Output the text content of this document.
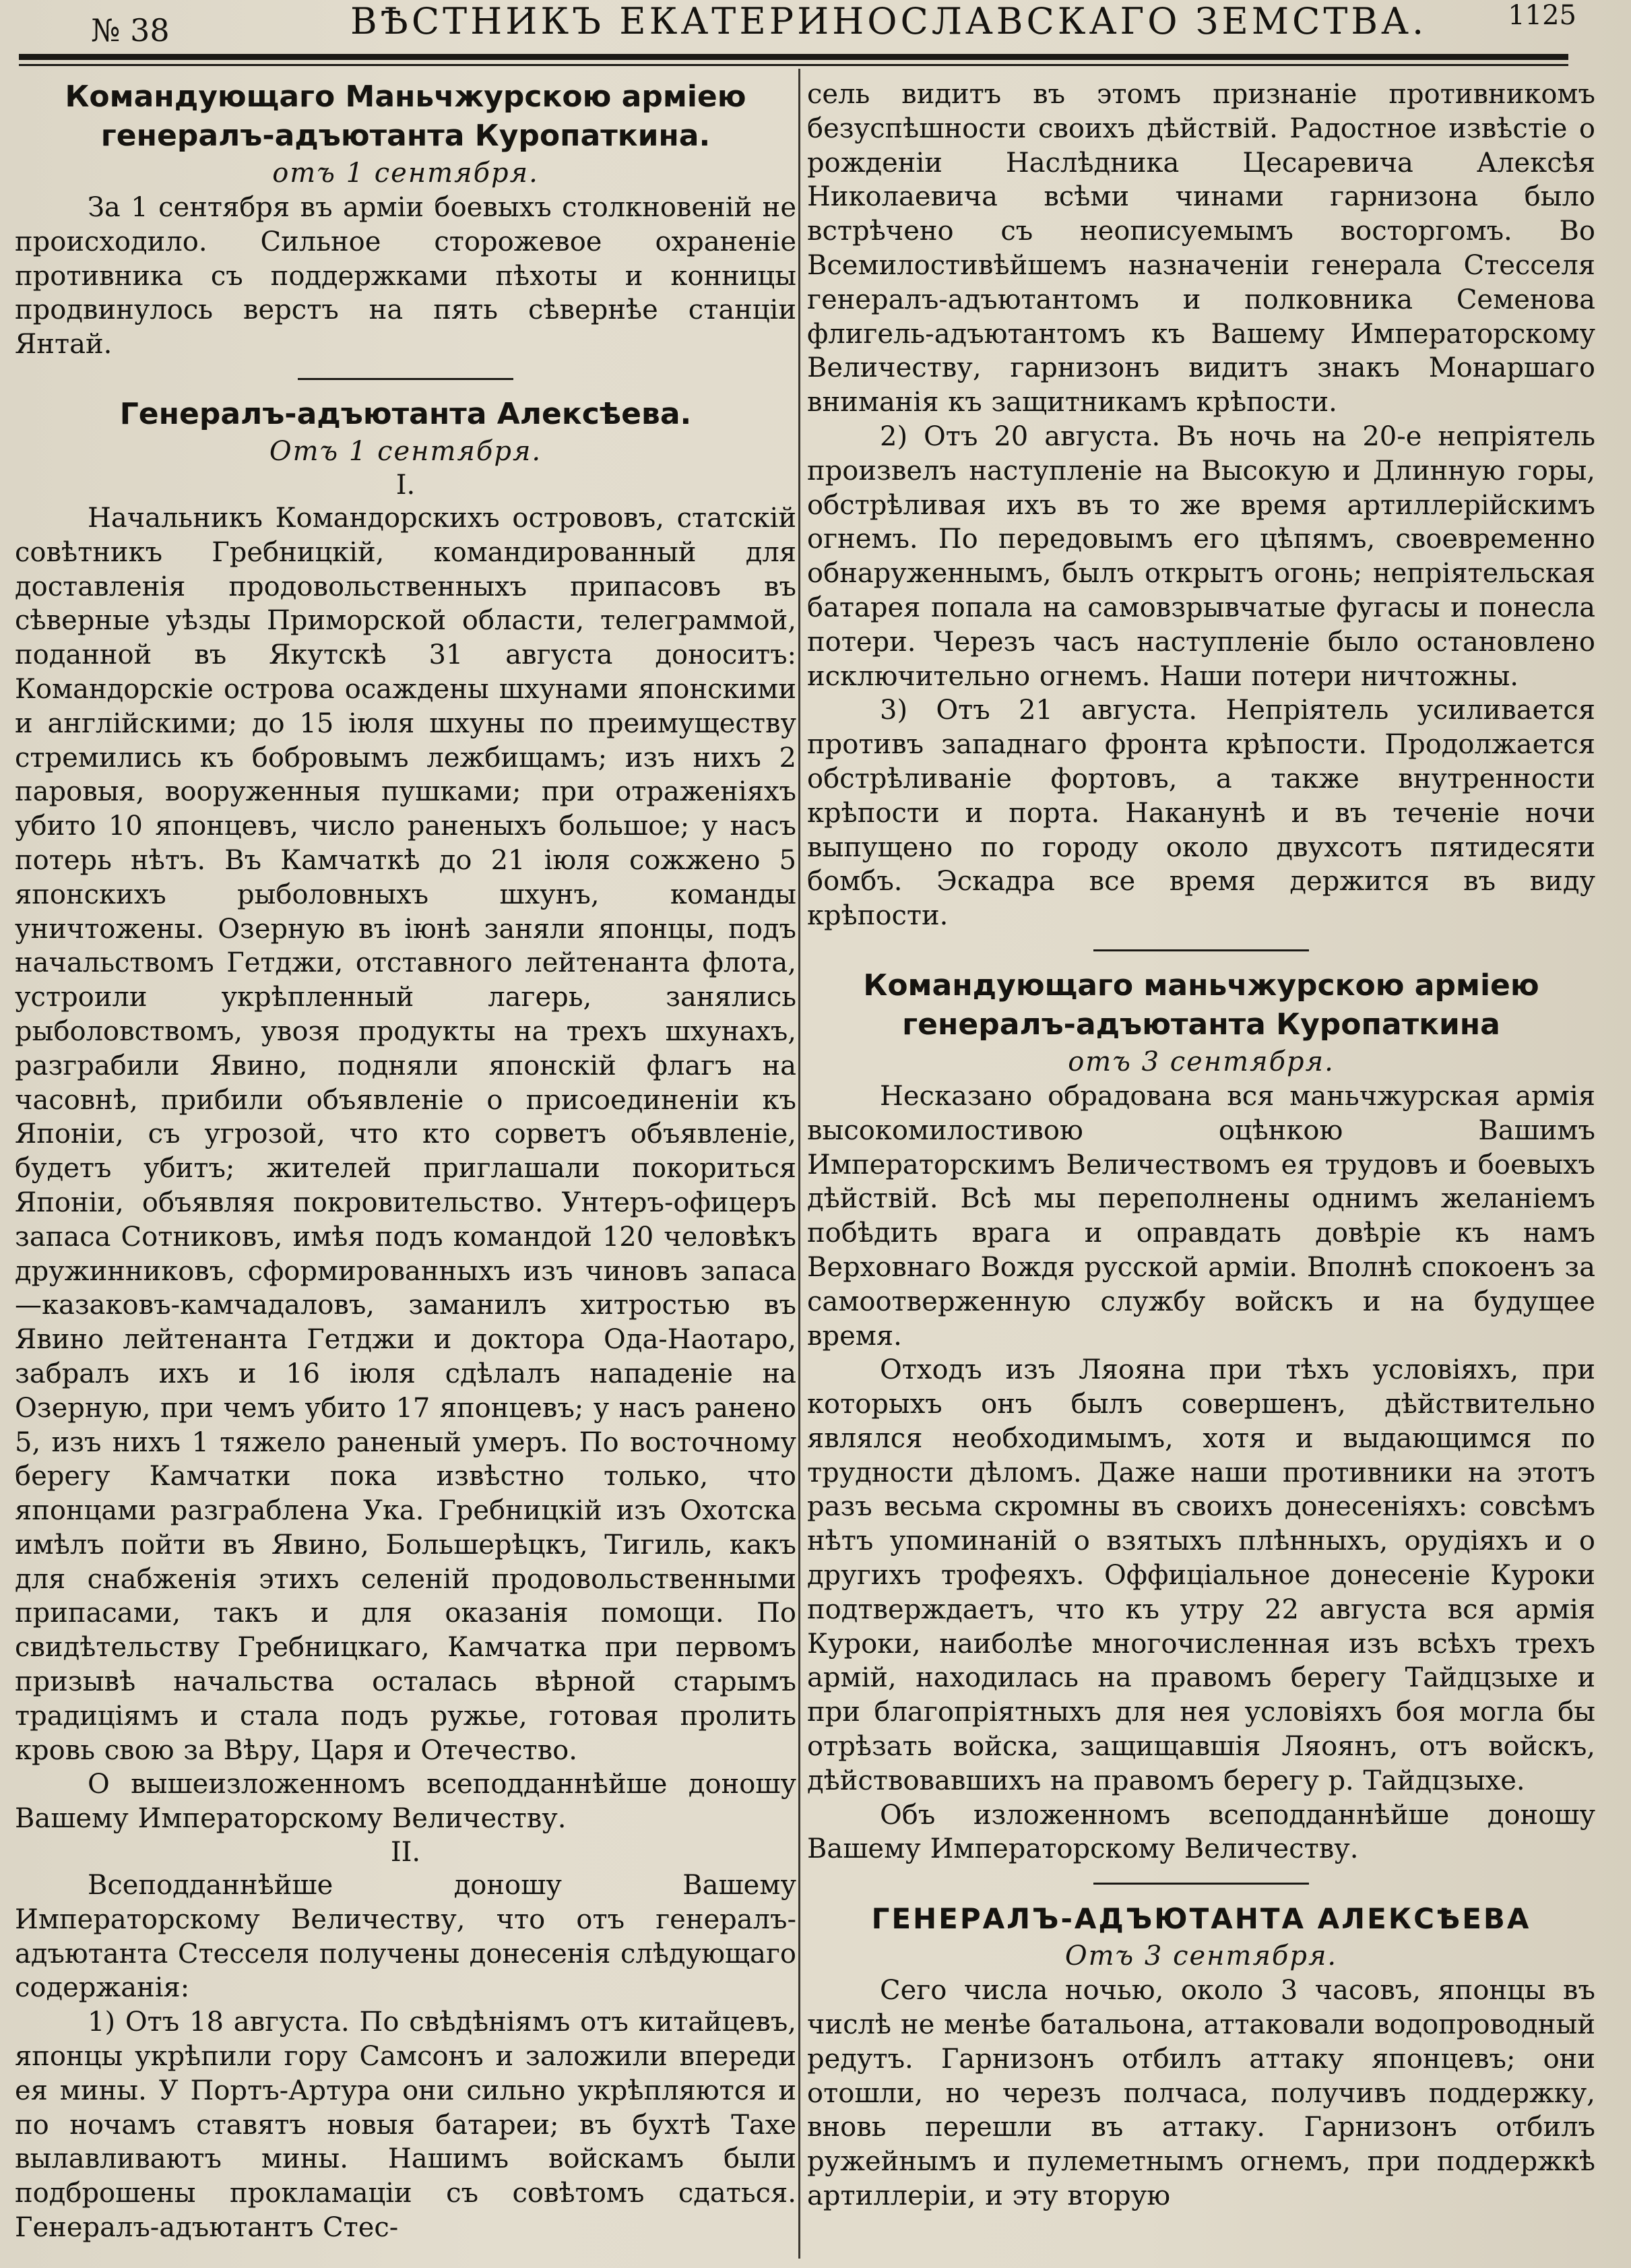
№ 38	ВѢСТНИКЪ ЕКАТЕРИНОСЛАВСКАГО ЗЕМСТВА.	1125

Командующаго Маньчжурскою арміею генералъ-адъютанта Куропаткина.

отъ 1 сентября.

За 1 сентября въ арміи боевыхъ столкновеній не происходило. Сильное сторожевое охраненіе противника съ поддержками пѣхоты и конницы продвинулось верстъ на пять сѣвернѣе станціи Янтай.

Генералъ-адъютанта Алексѣева.

Отъ 1 сентября.
I.

Начальникъ Командорскихъ острововъ, статскій совѣтникъ Гребницкій, командированный для доставленія продовольственныхъ припасовъ въ сѣверные уѣзды Приморской области, телеграммой, поданной въ Якутскѣ 31 августа доноситъ: Командорскіе острова осаждены шхунами японскими и англійскими; до 15 іюля шхуны по преимуществу стремились къ бобровымъ лежбищамъ; изъ нихъ 2 паровыя, вооруженныя пушками; при отраженіяхъ убито 10 японцевъ, число раненыхъ большое; у насъ потерь нѣтъ. Въ Камчаткѣ до 21 іюля сожжено 5 японскихъ рыболовныхъ шхунъ, команды уничтожены. Озерную въ іюнѣ заняли японцы, подъ начальствомъ Гетджи, отставного лейтенанта флота, устроили укрѣпленный лагерь, занялись рыболовствомъ, увозя продукты на трехъ шхунахъ, разграбили Явино, подняли японскій флагъ на часовнѣ, прибили объявленіе о присоединеніи къ Японіи, съ угрозой, что кто сорветъ объявленіе, будетъ убитъ; жителей приглашали покориться Японіи, объявляя покровительство. Унтеръ-офицеръ запаса Сотниковъ, имѣя подъ командой 120 человѣкъ дружинниковъ, сформированныхъ изъ чиновъ запаса—казаковъ-камчадаловъ, заманилъ хитростью въ Явино лейтенанта Гетджи и доктора Ода-Наотаро, забралъ ихъ и 16 іюля сдѣлалъ нападеніе на Озерную, при чемъ убито 17 японцевъ; у насъ ранено 5, изъ нихъ 1 тяжело раненый умеръ. По восточному берегу Камчатки пока извѣстно только, что японцами разграблена Ука. Гребницкій изъ Охотска имѣлъ пойти въ Явино, Большерѣцкъ, Тигиль, какъ для снабженія этихъ селеній продовольственными припасами, такъ и для оказанія помощи. По свидѣтельству Гребницкаго, Камчатка при первомъ призывѣ начальства осталась вѣрной старымъ традиціямъ и стала подъ ружье, готовая пролить кровь свою за Вѣру, Царя и Отечество.

О вышеизложенномъ всеподданнѣйше доношу Вашему Императорскому Величеству.

II.

Всеподданнѣйше доношу Вашему Императорскому Величеству, что отъ генералъ-адъютанта Стесселя получены донесенія слѣдующаго содержанія:

1) Отъ 18 августа. По свѣдѣніямъ отъ китайцевъ, японцы укрѣпили гору Самсонъ и заложили впереди ея мины. У Портъ-Артура они сильно укрѣпляются и по ночамъ ставятъ новыя батареи; въ бухтѣ Тахе вылавливаютъ мины. Нашимъ войскамъ были подброшены прокламаціи съ совѣтомъ сдаться. Генералъ-адъютантъ Стес-

сель видитъ въ этомъ признаніе противникомъ безуспѣшности своихъ дѣйствій. Радостное извѣстіе о рожденіи Наслѣдника Цесаревича Алексѣя Николаевича всѣми чинами гарнизона было встрѣчено съ неописуемымъ восторгомъ. Во Всемилостивѣйшемъ назначеніи генерала Стесселя генералъ-адъютантомъ и полковника Семенова флигель-адъютантомъ къ Вашему Императорскому Величеству, гарнизонъ видитъ знакъ Монаршаго вниманія къ защитникамъ крѣпости.

2) Отъ 20 августа. Въ ночь на 20-е непріятель произвелъ наступленіе на Высокую и Длинную горы, обстрѣливая ихъ въ то же время артиллерійскимъ огнемъ. По передовымъ его цѣпямъ, своевременно обнаруженнымъ, былъ открытъ огонь; непріятельская батарея попала на самовзрывчатые фугасы и понесла потери. Черезъ часъ наступленіе было остановлено исключительно огнемъ. Наши потери ничтожны.

3) Отъ 21 августа. Непріятель усиливается противъ западнаго фронта крѣпости. Продолжается обстрѣливаніе фортовъ, а также внутренности крѣпости и порта. Наканунѣ и въ теченіе ночи выпущено по городу около двухсотъ пятидесяти бомбъ. Эскадра все время держится въ виду крѣпости.

Командующаго маньчжурскою арміею генералъ-адъютанта Куропаткина

отъ 3 сентября.

Несказано обрадована вся маньчжурская армія высокомилостивою оцѣнкою Вашимъ Императорскимъ Величествомъ ея трудовъ и боевыхъ дѣйствій. Всѣ мы переполнены однимъ желаніемъ побѣдить врага и оправдать довѣріе къ намъ Верховнаго Вождя русской арміи. Вполнѣ спокоенъ за самоотверженную службу войскъ и на будущее время.

Отходъ изъ Ляояна при тѣхъ условіяхъ, при которыхъ онъ былъ совершенъ, дѣйствительно являлся необходимымъ, хотя и выдающимся по трудности дѣломъ. Даже наши противники на этотъ разъ весьма скромны въ своихъ донесеніяхъ: совсѣмъ нѣтъ упоминаній о взятыхъ плѣнныхъ, орудіяхъ и о другихъ трофеяхъ. Оффиціальное донесеніе Куроки подтверждаетъ, что къ утру 22 августа вся армія Куроки, наиболѣе многочисленная изъ всѣхъ трехъ армій, находилась на правомъ берегу Тайдцзыхе и при благопріятныхъ для нея условіяхъ боя могла бы отрѣзать войска, защищавшія Ляоянъ, отъ войскъ, дѣйствовавшихъ на правомъ берегу р. Тайдцзыхе.

Объ изложенномъ всеподданнѣйше доношу Вашему Императорскому Величеству.

ГЕНЕРАЛЪ-АДЪЮТАНТА АЛЕКСѢЕВА

Отъ 3 сентября.

Сего числа ночью, около 3 часовъ, японцы въ числѣ не менѣе батальона, аттаковали водопроводный редутъ. Гарнизонъ отбилъ аттаку японцевъ; они отошли, но черезъ полчаса, получивъ поддержку, вновь перешли въ аттаку. Гарнизонъ отбилъ ружейнымъ и пулеметнымъ огнемъ, при поддержкѣ артиллеріи, и эту вторую
